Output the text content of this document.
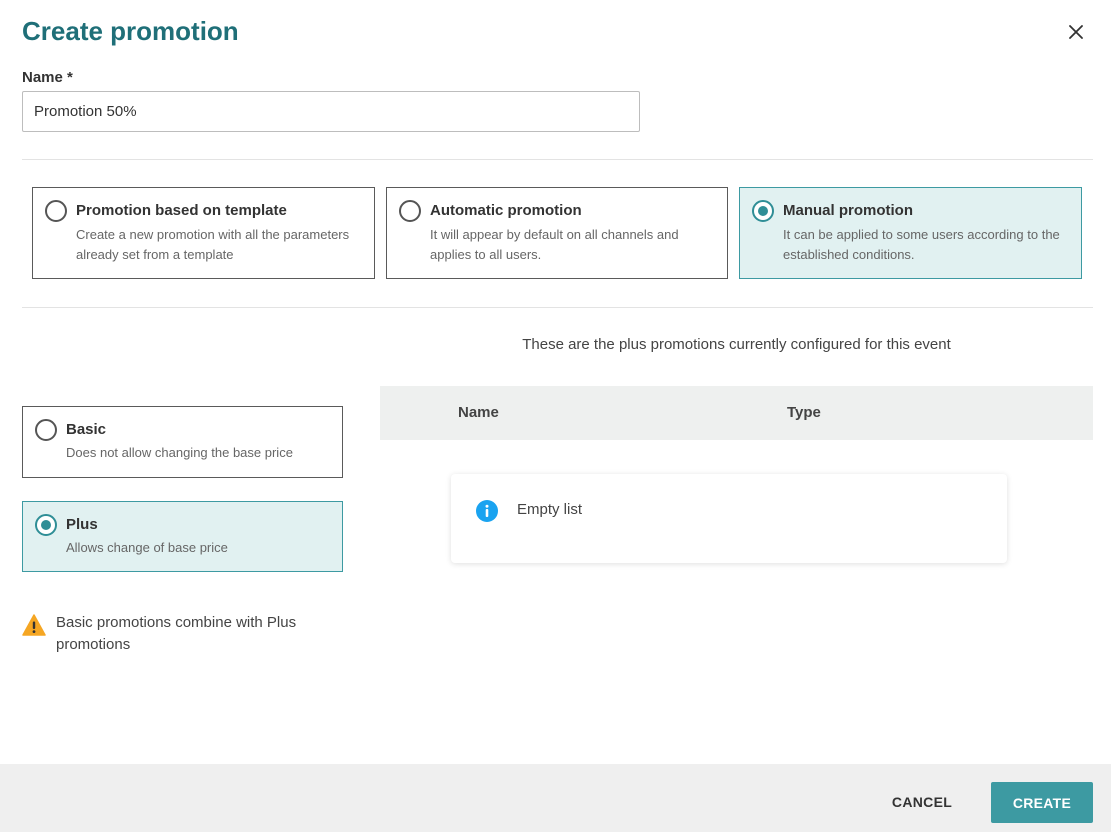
Create promotion
Name *
Promotion 50%
Promotion based on template
Create a new promotion with all the parameters already set from a template
Automatic promotion
It will appear by default on all channels and applies to all users.
Manual promotion
It can be applied to some users according to the established conditions.
Basic
Does not allow changing the base price
Plus
Allows change of base price
Basic promotions combine with Plus promotions
These are the plus promotions currently configured for this event
Name	Type
Empty list
CANCEL	CREATE
